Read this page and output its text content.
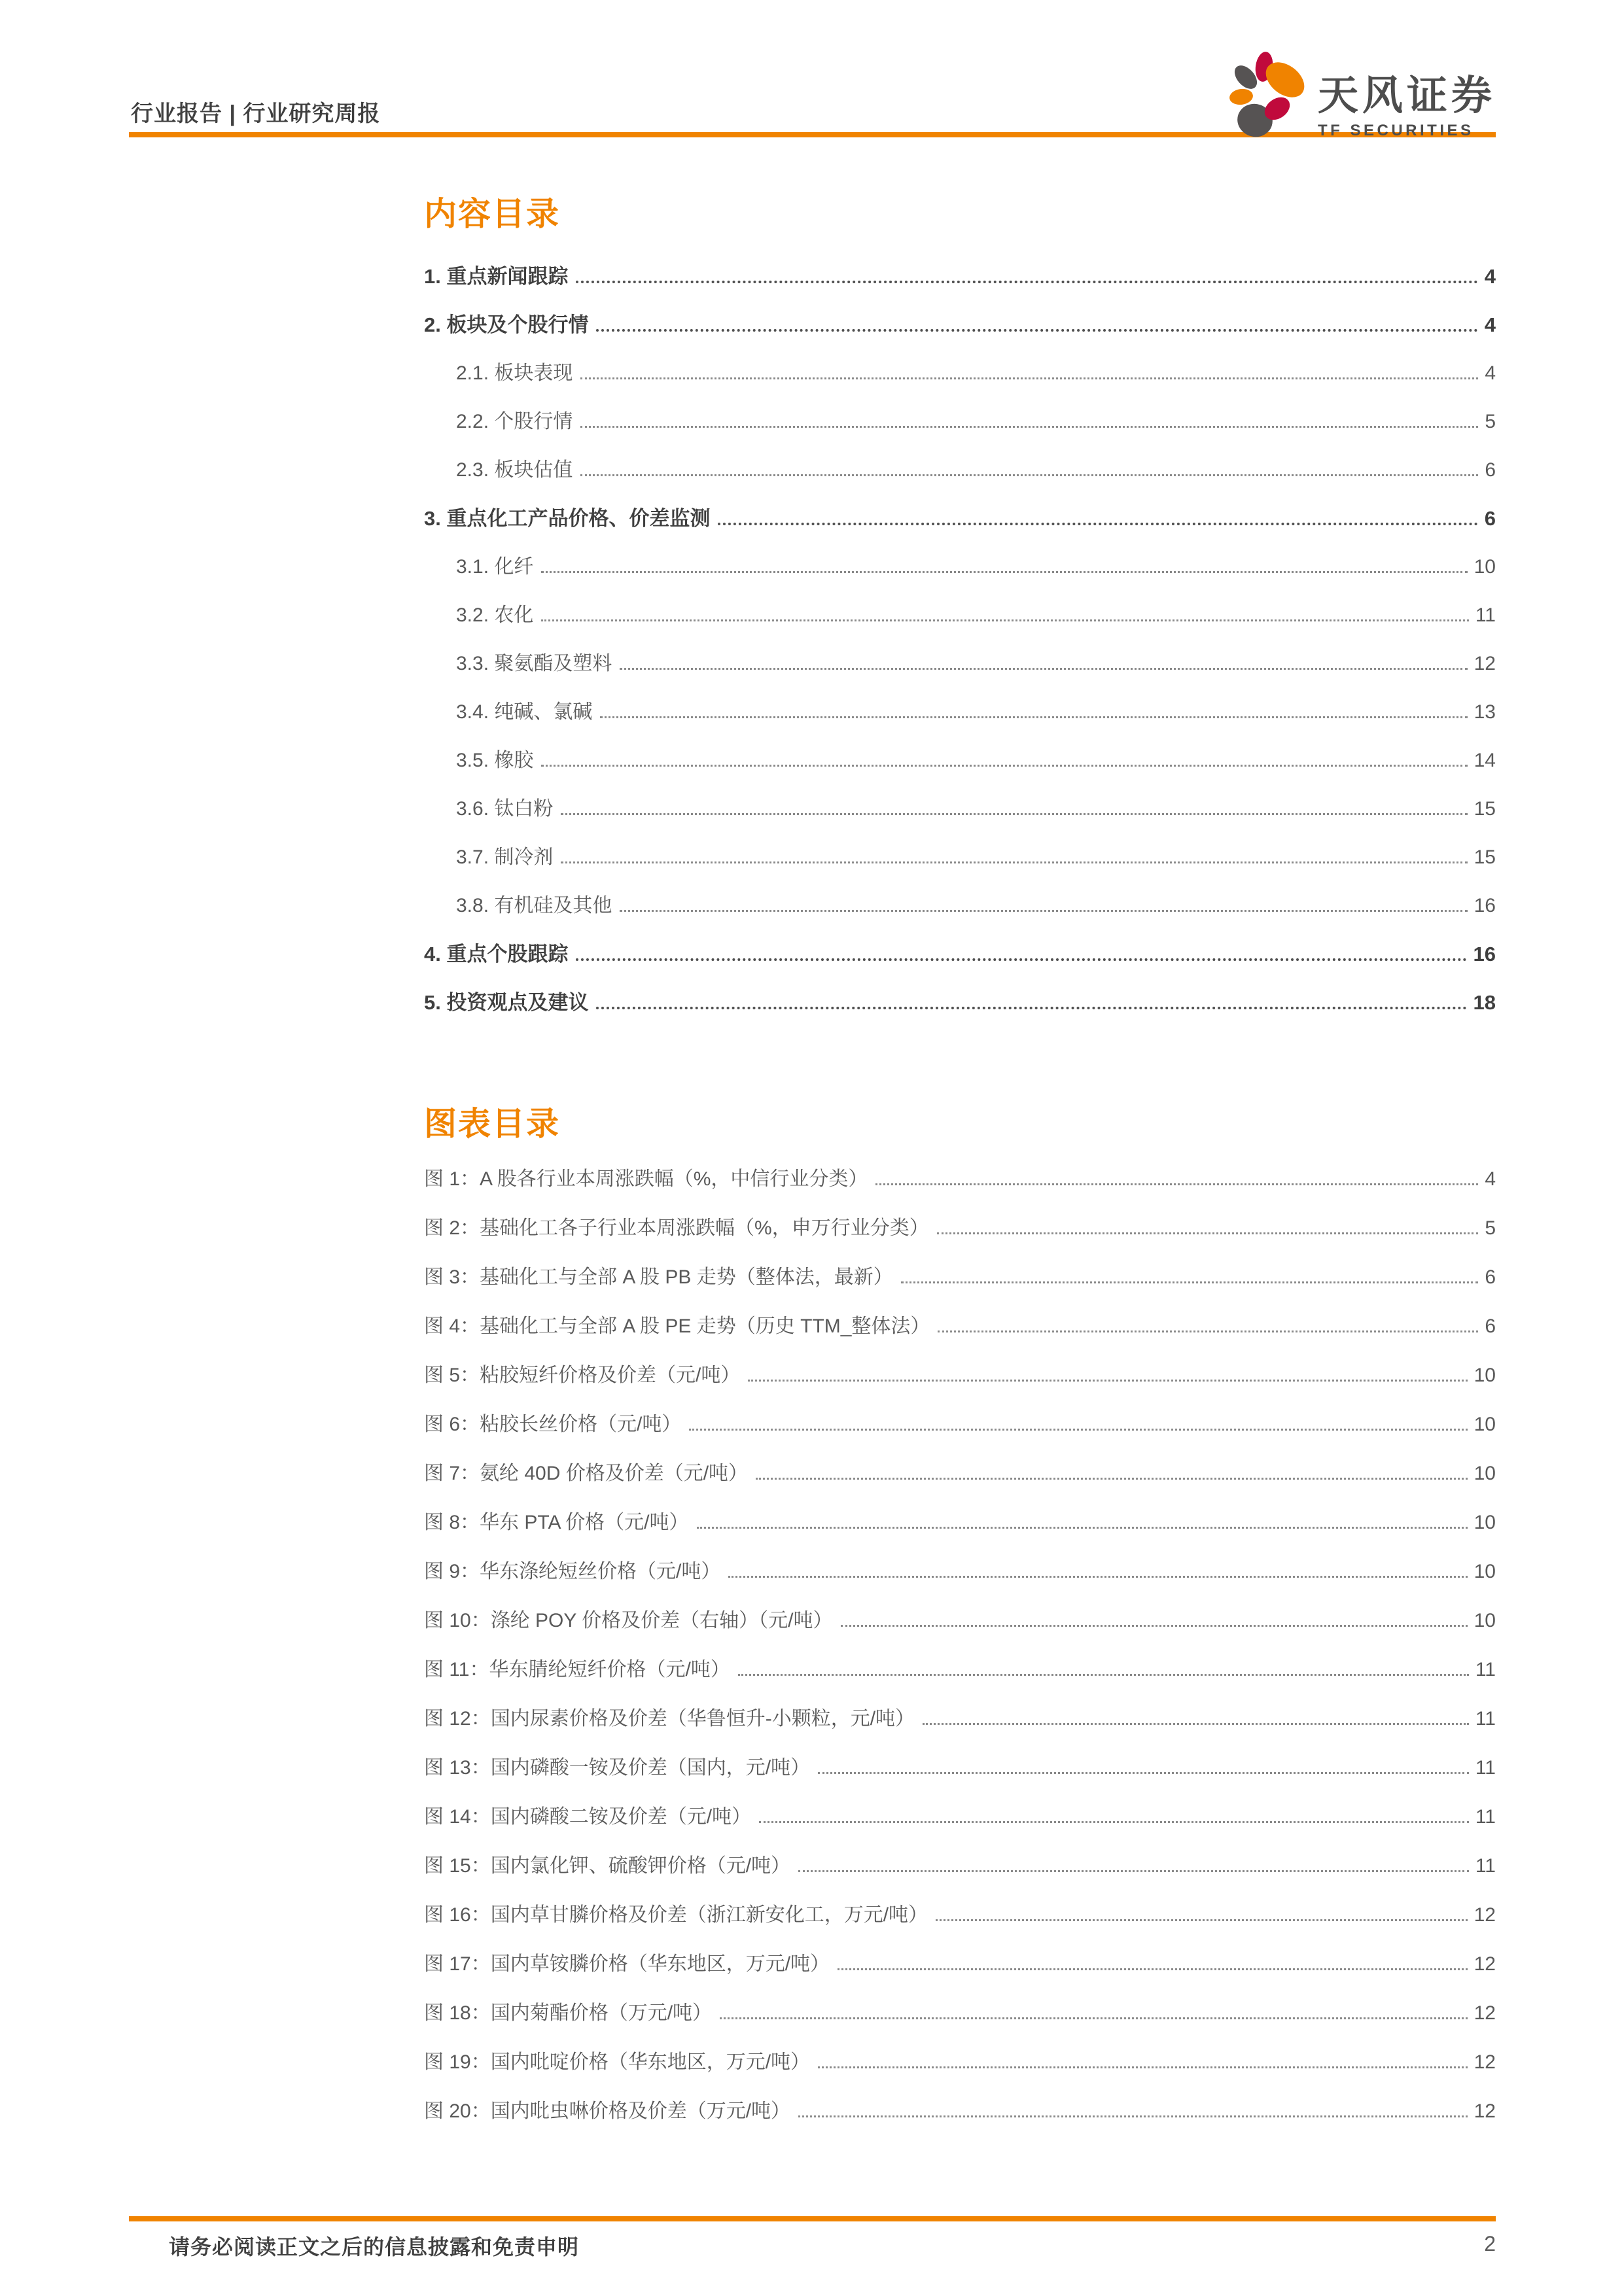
行业报告 | 行业研究周报	天风证券
TF SECURITIES
内容目录
1. 重点新闻跟踪	4
2. 板块及个股行情	4
2.1. 板块表现	4
2.2. 个股行情	5
2.3. 板块估值	6
3. 重点化工产品价格、价差监测	6
3.1. 化纤	10
3.2. 农化	11
3.3. 聚氨酯及塑料	12
3.4. 纯碱、氯碱	13
3.5. 橡胶	14
3.6. 钛白粉	15
3.7. 制冷剂	15
3.8. 有机硅及其他	16
4. 重点个股跟踪	16
5. 投资观点及建议	18
图表目录
图 1：A 股各行业本周涨跌幅（%，中信行业分类）	4
图 2：基础化工各子行业本周涨跌幅（%，申万行业分类）	5
图 3：基础化工与全部 A 股 PB 走势（整体法，最新）	6
图 4：基础化工与全部 A 股 PE 走势（历史 TTM_整体法）	6
图 5：粘胶短纤价格及价差（元/吨）	10
图 6：粘胶长丝价格（元/吨）	10
图 7：氨纶 40D 价格及价差（元/吨）	10
图 8：华东 PTA 价格（元/吨）	10
图 9：华东涤纶短丝价格（元/吨）	10
图 10：涤纶 POY 价格及价差（右轴）（元/吨）	10
图 11：华东腈纶短纤价格（元/吨）	11
图 12：国内尿素价格及价差（华鲁恒升-小颗粒，元/吨）	11
图 13：国内磷酸一铵及价差（国内，元/吨）	11
图 14：国内磷酸二铵及价差（元/吨）	11
图 15：国内氯化钾、硫酸钾价格（元/吨）	11
图 16：国内草甘膦价格及价差（浙江新安化工，万元/吨）	12
图 17：国内草铵膦价格（华东地区，万元/吨）	12
图 18：国内菊酯价格（万元/吨）	12
图 19：国内吡啶价格（华东地区，万元/吨）	12
图 20：国内吡虫啉价格及价差（万元/吨）	12
请务必阅读正文之后的信息披露和免责申明	2
